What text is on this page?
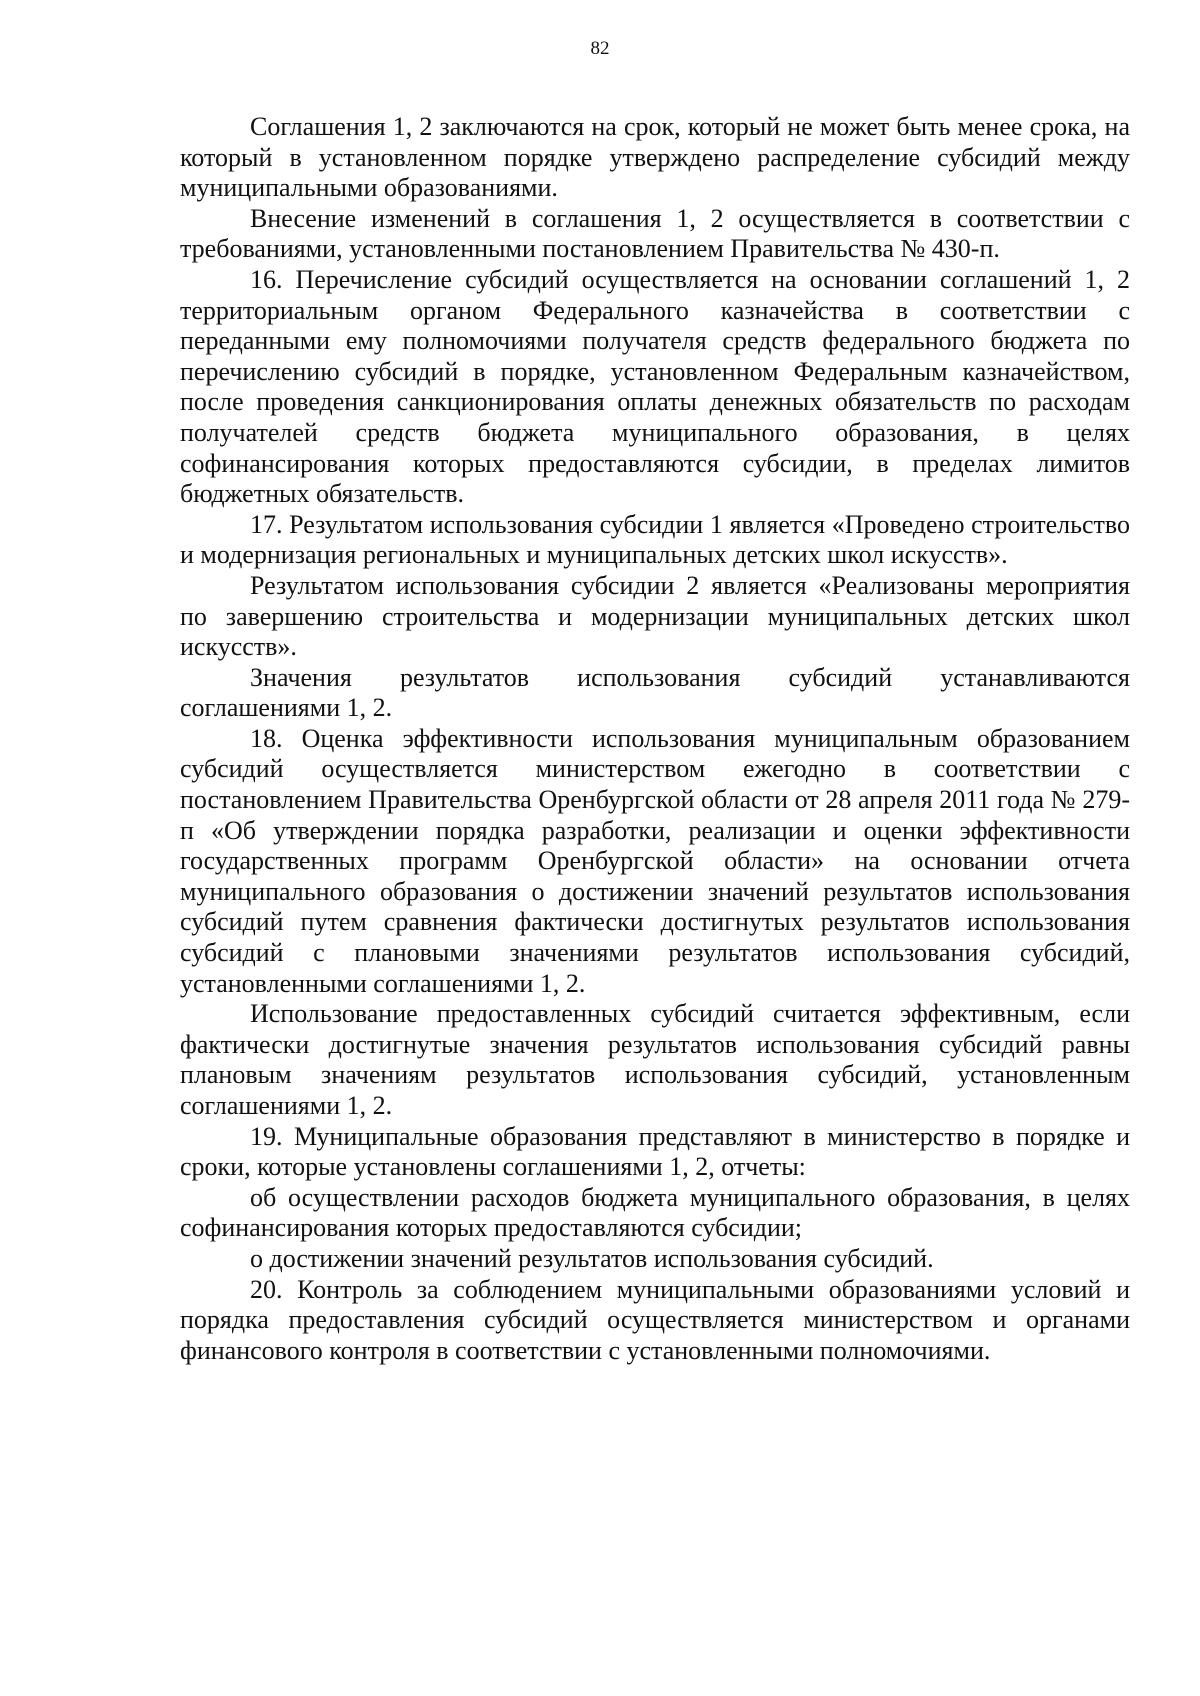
82

Соглашения 1, 2 заключаются на срок, который не может быть менее срока, на который в установленном порядке утверждено распределение субсидий между муниципальными образованиями.

Внесение изменений в соглашения 1, 2 осуществляется в соответствии с требованиями, установленными постановлением Правительства № 430-п.

16. Перечисление субсидий осуществляется на основании соглашений 1, 2 территориальным органом Федерального казначейства в соответствии с переданными ему полномочиями получателя средств федерального бюджета по перечислению субсидий в порядке, установленном Федеральным казначейством, после проведения санкционирования оплаты денежных обязательств по расходам получателей средств бюджета муниципального образования, в целях софинансирования которых предоставляются субсидии, в пределах лимитов бюджетных обязательств.

17. Результатом использования субсидии 1 является «Проведено строительство и модернизация региональных и муниципальных детских школ искусств».

Результатом использования субсидии 2 является «Реализованы мероприятия по завершению строительства и модернизации муниципальных детских школ искусств».

Значения результатов использования субсидий устанавливаются соглашениями 1, 2.

18. Оценка эффективности использования муниципальным образованием субсидий осуществляется министерством ежегодно в соответствии с постановлением Правительства Оренбургской области от 28 апреля 2011 года № 279-п «Об утверждении порядка разработки, реализации и оценки эффективности государственных программ Оренбургской области» на основании отчета муниципального образования о достижении значений результатов использования субсидий путем сравнения фактически достигнутых результатов использования субсидий с плановыми значениями результатов использования субсидий, установленными соглашениями 1, 2.

Использование предоставленных субсидий считается эффективным, если фактически достигнутые значения результатов использования субсидий равны плановым значениям результатов использования субсидий, установленным соглашениями 1, 2.

19. Муниципальные образования представляют в министерство в порядке и сроки, которые установлены соглашениями 1, 2, отчеты:

об осуществлении расходов бюджета муниципального образования, в целях софинансирования которых предоставляются субсидии;

о достижении значений результатов использования субсидий.

20. Контроль за соблюдением муниципальными образованиями условий и порядка предоставления субсидий осуществляется министерством и органами финансового контроля в соответствии с установленными полномочиями.
